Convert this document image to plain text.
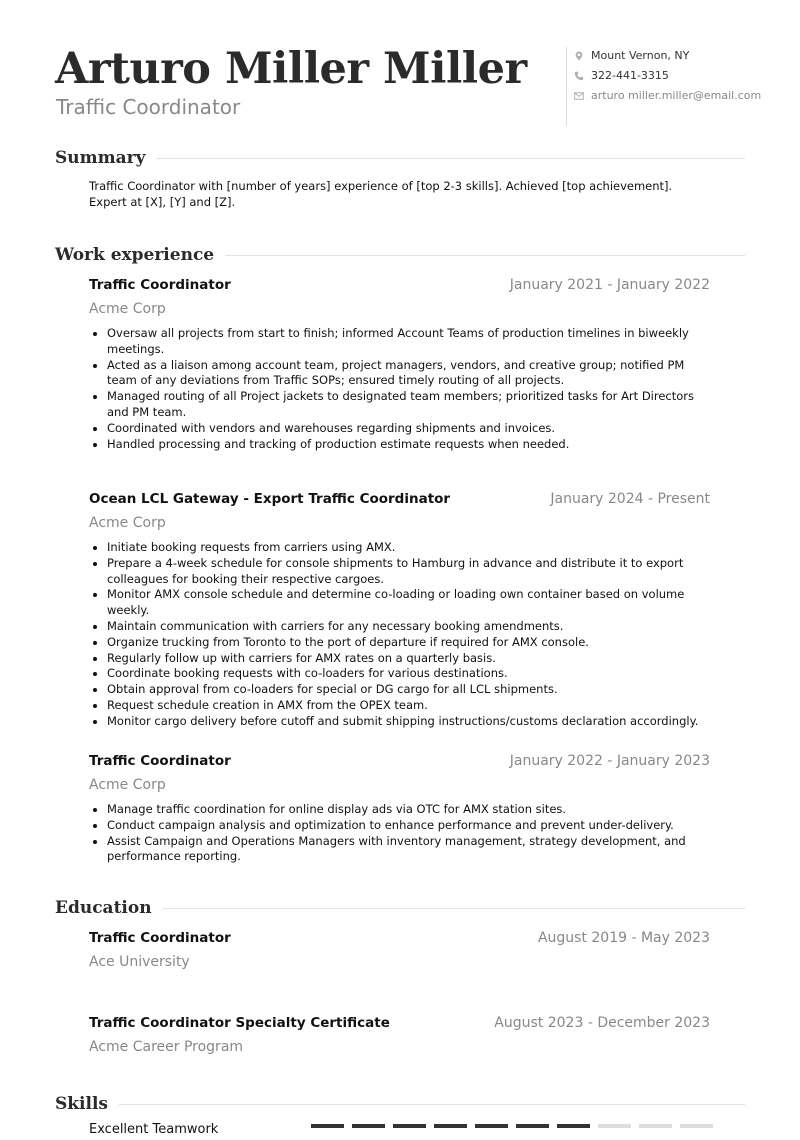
Arturo Miller Miller
Traffic Coordinator
Mount Vernon, NY
322-441-3315
arturo miller.miller@email.com
Summary
Traffic Coordinator with [number of years] experience of [top 2-3 skills]. Achieved [top achievement]. Expert at [X], [Y] and [Z].
Work experience
Traffic Coordinator	January 2021 - January 2022
Acme Corp
• Oversaw all projects from start to finish; informed Account Teams of production timelines in biweekly meetings.
• Acted as a liaison among account team, project managers, vendors, and creative group; notified PM team of any deviations from Traffic SOPs; ensured timely routing of all projects.
• Managed routing of all Project jackets to designated team members; prioritized tasks for Art Directors and PM team.
• Coordinated with vendors and warehouses regarding shipments and invoices.
• Handled processing and tracking of production estimate requests when needed.
Ocean LCL Gateway - Export Traffic Coordinator	January 2024 - Present
Acme Corp
• Initiate booking requests from carriers using AMX.
• Prepare a 4-week schedule for console shipments to Hamburg in advance and distribute it to export colleagues for booking their respective cargoes.
• Monitor AMX console schedule and determine co-loading or loading own container based on volume weekly.
• Maintain communication with carriers for any necessary booking amendments.
• Organize trucking from Toronto to the port of departure if required for AMX console.
• Regularly follow up with carriers for AMX rates on a quarterly basis.
• Coordinate booking requests with co-loaders for various destinations.
• Obtain approval from co-loaders for special or DG cargo for all LCL shipments.
• Request schedule creation in AMX from the OPEX team.
• Monitor cargo delivery before cutoff and submit shipping instructions/customs declaration accordingly.
Traffic Coordinator	January 2022 - January 2023
Acme Corp
• Manage traffic coordination for online display ads via OTC for AMX station sites.
• Conduct campaign analysis and optimization to enhance performance and prevent under-delivery.
• Assist Campaign and Operations Managers with inventory management, strategy development, and performance reporting.
Education
Traffic Coordinator	August 2019 - May 2023
Ace University
Traffic Coordinator Specialty Certificate	August 2023 - December 2023
Acme Career Program
Skills
Excellent Teamwork
